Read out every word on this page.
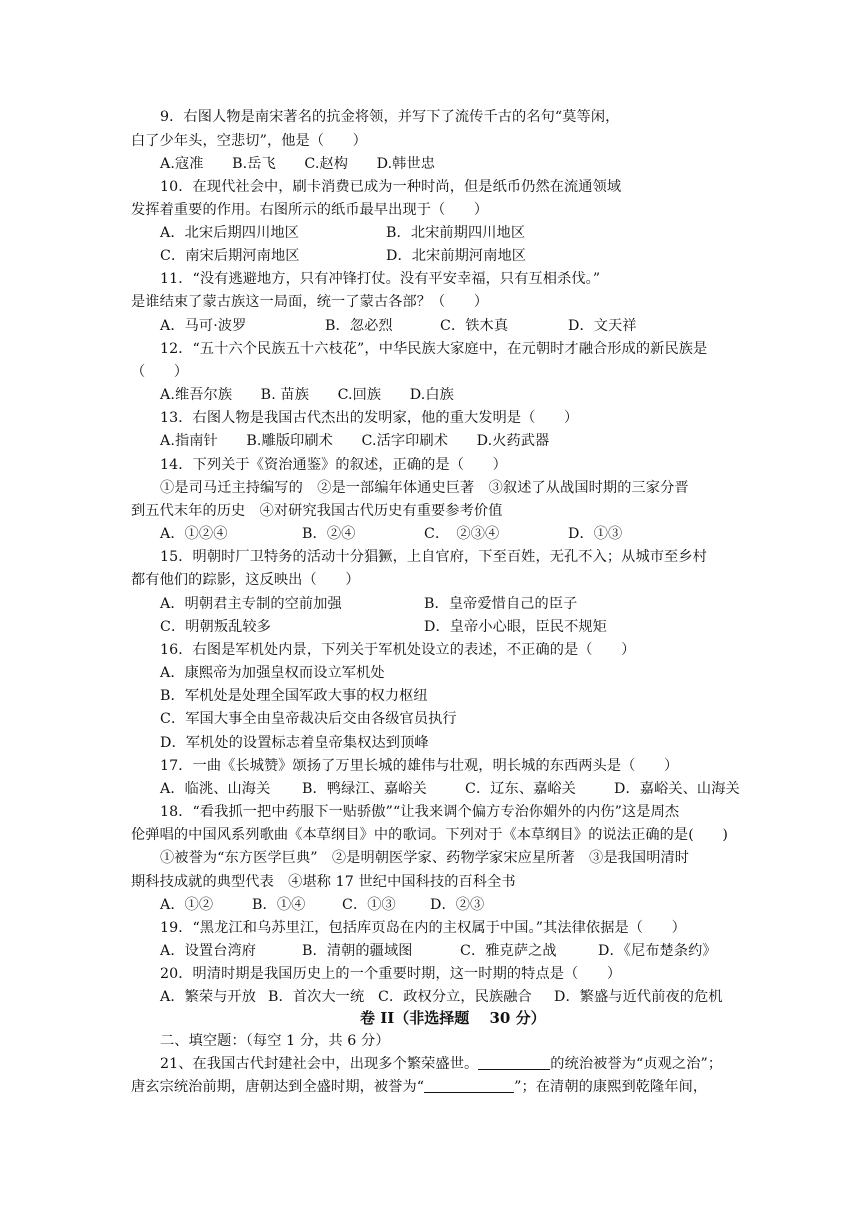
9．右图人物是南宋著名的抗金将领，并写下了流传千古的名句“莫等闲，
白了少年头，空悲切”，他是（　　）
A.寇准　　B.岳飞　　C.赵构　　D.韩世忠
10．在现代社会中，刷卡消费已成为一种时尚，但是纸币仍然在流通领域
发挥着重要的作用。右图所示的纸币最早出现于（　　）
A．北宋后期四川地区	B．北宋前期四川地区
C．南宋后期河南地区	D．北宋前期河南地区
11．“没有逃避地方，只有冲锋打仗。没有平安幸福，只有互相杀伐。”
是谁结束了蒙古族这一局面，统一了蒙古各部？（　　）
A．马可·波罗	B．忽必烈	C．铁木真	D．文天祥
12．“五十六个民族五十六枝花”，中华民族大家庭中，在元朝时才融合形成的新民族是
（　　）
A.维吾尔族　　B. 苗族　　C.回族　　D.白族
13．右图人物是我国古代杰出的发明家，他的重大发明是（　　）
A.指南针　　B.雕版印刷术　　C.活字印刷术　　D.火药武器
14．下列关于《资治通鉴》的叙述，正确的是（　　）
①是司马迁主持编写的　②是一部编年体通史巨著　③叙述了从战国时期的三家分晋
到五代末年的历史　④对研究我国古代历史有重要参考价值
A．①②④	B．②④	C．　②③④	D．①③
15．明朝时厂卫特务的活动十分猖獗，上自官府，下至百姓，无孔不入；从城市至乡村
都有他们的踪影，这反映出（　　）
A．明朝君主专制的空前加强	B．皇帝爱惜自己的臣子
C．明朝叛乱较多	D．皇帝小心眼，臣民不规矩
16．右图是军机处内景，下列关于军机处设立的表述，不正确的是（　　）
A．康熙帝为加强皇权而设立军机处
B．军机处是处理全国军政大事的权力枢纽
C．军国大事全由皇帝裁决后交由各级官员执行
D．军机处的设置标志着皇帝集权达到顶峰
17．一曲《长城赞》颂扬了万里长城的雄伟与壮观，明长城的东西两头是（　　）
A．临洮、山海关 B．鸭绿江、嘉峪关	C．辽东、嘉峪关	D．嘉峪关、山海关
18．“看我抓一把中药服下一贴骄傲”“让我来调个偏方专治你媚外的内伤”这是周杰
伦弹唱的中国风系列歌曲《本草纲目》中的歌词。下列对于《本草纲目》的说法正确的是(　　)
①被誉为“东方医学巨典”　②是明朝医学家、药物学家宋应星所著　③是我国明清时
期科技成就的典型代表　④堪称 17 世纪中国科技的百科全书
A．①②	B．①④	C．①③ D．②③
19．“黑龙江和乌苏里江，包括库页岛在内的主权属于中国。”其法律依据是（　　）
A．设置台湾府	B．清朝的疆域图	C．雅克萨之战	D．《尼布楚条约》
20．明清时期是我国历史上的一个重要时期，这一时期的特点是（　　）
A．繁荣与开放 B．首次大一统 C．政权分立，民族融合 D．繁盛与近代前夜的危机
卷 II（非选择题　 30 分）
二、填空题：（每空 1 分，共 6 分）
21、在我国古代封建社会中，出现多个繁荣盛世。	的统治被誉为“贞观之治”；
唐玄宗统治前期，唐朝达到全盛时期，被誉为“	”；在清朝的康熙到乾隆年间，
